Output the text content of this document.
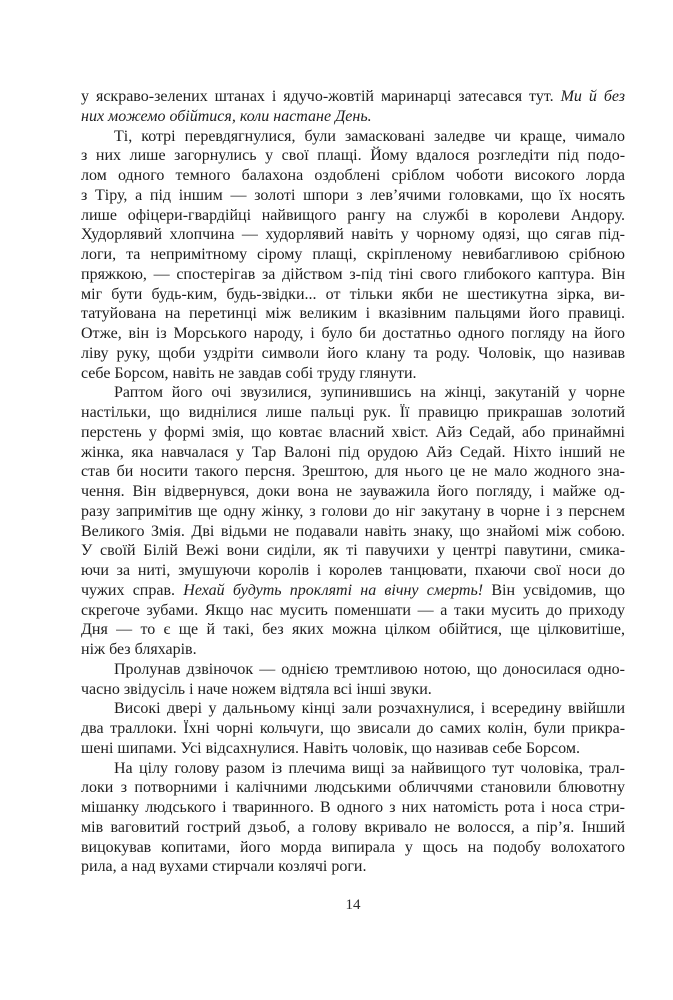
у яскраво-зелених штанах і ядучо-жовтій маринарці затесався тут. Ми й без
них можемо обійтися, коли настане День.
Ті, котрі перевдягнулися, були замасковані заледве чи краще, чимало
з них лише загорнулись у свої плащі. Йому вдалося розгледіти під подо-
лом одного темного балахона оздоблені сріблом чоботи високого лорда
з Тіру, а під іншим — золоті шпори з лев’ячими головками, що їх носять
лише офіцери-гвардійці найвищого рангу на службі в королеви Андору.
Худорлявий хлопчина — худорлявий навіть у чорному одязі, що сягав під-
логи, та непримітному сірому плащі, скріпленому невибагливою срібною
пряжкою, — спостерігав за дійством з-під тіні свого глибокого каптура. Він
міг бути будь-ким, будь-звідки... от тільки якби не шестикутна зірка, ви-
татуйована на перетинці між великим і вказівним пальцями його правиці.
Отже, він із Морського народу, і було би достатньо одного погляду на його
ліву руку, щоби уздріти символи його клану та роду. Чоловік, що називав
себе Борсом, навіть не завдав собі труду глянути.
Раптом його очі звузилися, зупинившись на жінці, закутаній у чорне
настільки, що виднілися лише пальці рук. Її правицю прикрашав золотий
перстень у формі змія, що ковтає власний хвіст. Айз Седай, або принаймні
жінка, яка навчалася у Тар Валоні під орудою Айз Седай. Ніхто інший не
став би носити такого персня. Зрештою, для нього це не мало жодного зна-
чення. Він відвернувся, доки вона не зауважила його погляду, і майже од-
разу запримітив ще одну жінку, з голови до ніг закутану в чорне і з перснем
Великого Змія. Дві відьми не подавали навіть знаку, що знайомі між собою.
У своїй Білій Вежі вони сиділи, як ті павучихи у центрі павутини, смика-
ючи за ниті, змушуючи королів і королев танцювати, пхаючи свої носи до
чужих справ. Нехай будуть прокляті на вічну смерть! Він усвідомив, що
скрегоче зубами. Якщо нас мусить поменшати — а таки мусить до приходу
Дня — то є ще й такі, без яких можна цілком обійтися, ще цілковитіше,
ніж без бляхарів.
Пролунав дзвіночок — однією тремтливою нотою, що доносилася одно-
часно звідусіль і наче ножем відтяла всі інші звуки.
Високі двері у дальньому кінці зали розчахнулися, і всередину ввійшли
два траллоки. Їхні чорні кольчуги, що звисали до самих колін, були прикра-
шені шипами. Усі відсахнулися. Навіть чоловік, що називав себе Борсом.
На цілу голову разом із плечима вищі за найвищого тут чоловіка, трал-
локи з потворними і калічними людськими обличчями становили блювотну
мішанку людського і тваринного. В одного з них натомість рота і носа стри-
мів ваговитий гострий дзьоб, а голову вкривало не волосся, а пір’я. Інший
вицокував копитами, його морда випирала у щось на подобу волохатого
рила, а над вухами стирчали козлячі роги.
14
